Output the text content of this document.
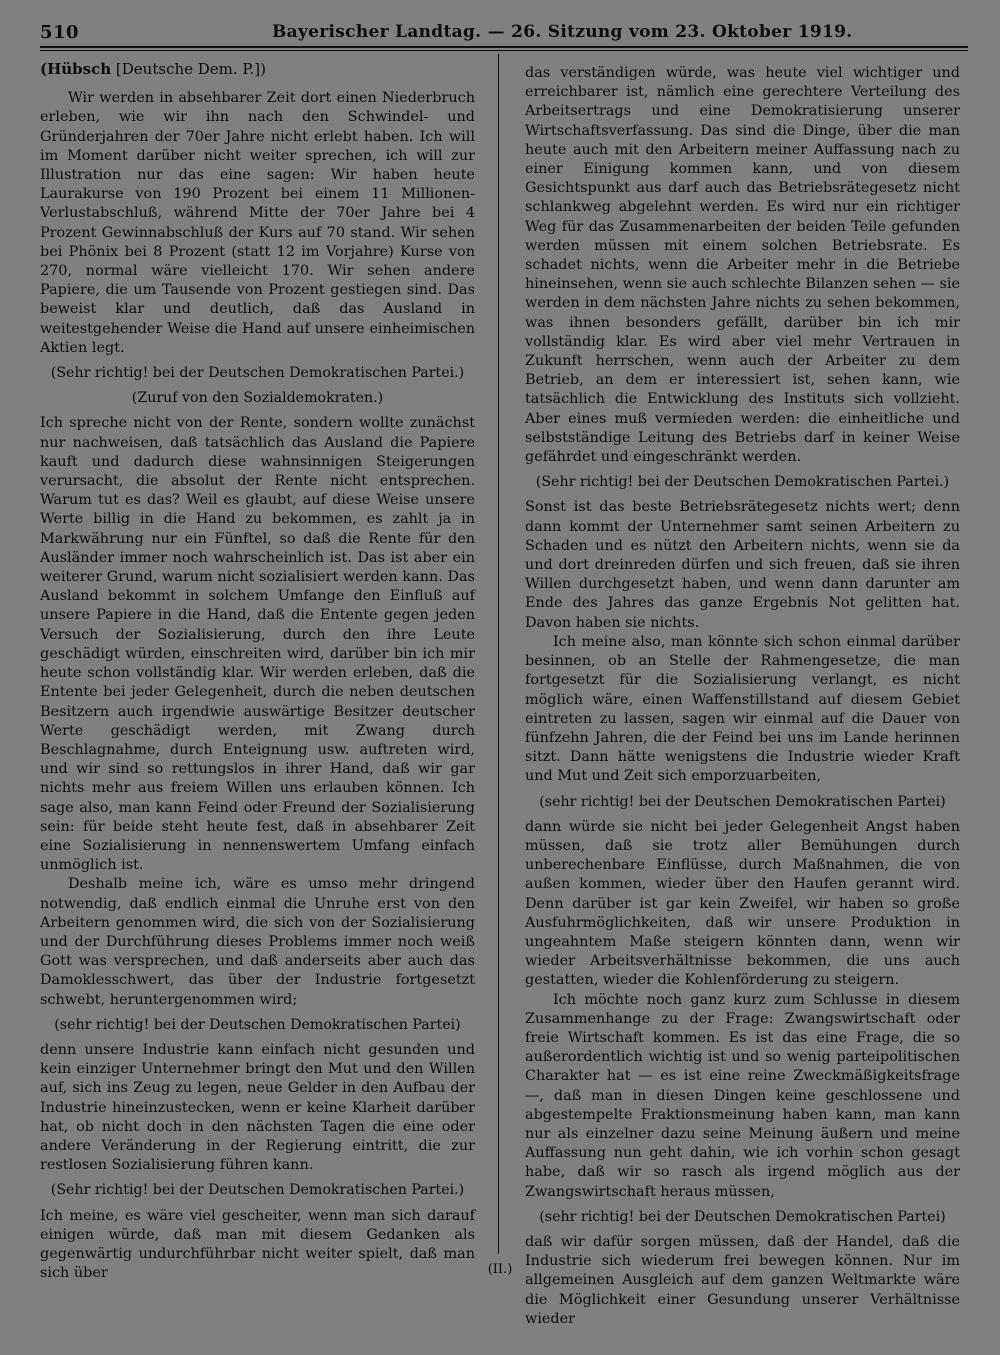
510	Bayerischer Landtag. — 26. Sitzung vom 23. Oktober 1919.
(Hübsch [Deutsche Dem. P.])

Wir werden in absehbarer Zeit dort einen Niederbruch erleben, wie wir ihn nach den Schwindel- und Gründerjahren der 70er Jahre nicht erlebt haben. Ich will im Moment darüber nicht weiter sprechen, ich will zur Illustration nur das eine sagen: Wir haben heute Laurakurse von 190 Prozent bei einem 11 Millionen-Verlustabschluß, während Mitte der 70er Jahre bei 4 Prozent Gewinnabschluß der Kurs auf 70 stand. Wir sehen bei Phönix bei 8 Prozent (statt 12 im Vorjahre) Kurse von 270, normal wäre vielleicht 170. Wir sehen andere Papiere, die um Tausende von Prozent gestiegen sind. Das beweist klar und deutlich, daß das Ausland in weitestgehender Weise die Hand auf unsere einheimischen Aktien legt.

(Sehr richtig! bei der Deutschen Demokratischen Partei.)

(Zuruf von den Sozialdemokraten.)

Ich spreche nicht von der Rente, sondern wollte zunächst nur nachweisen, daß tatsächlich das Ausland die Papiere kauft und dadurch diese wahnsinnigen Steigerungen verursacht, die absolut der Rente nicht entsprechen. Warum tut es das? Weil es glaubt, auf diese Weise unsere Werte billig in die Hand zu bekommen, es zahlt ja in Markwährung nur ein Fünftel, so daß die Rente für den Ausländer immer noch wahrscheinlich ist. Das ist aber ein weiterer Grund, warum nicht sozialisiert werden kann. Das Ausland bekommt in solchem Umfange den Einfluß auf unsere Papiere in die Hand, daß die Entente gegen jeden Versuch der Sozialisierung, durch den ihre Leute geschädigt würden, einschreiten wird, darüber bin ich mir heute schon vollständig klar. Wir werden erleben, daß die Entente bei jeder Gelegenheit, durch die neben deutschen Besitzern auch irgendwie auswärtige Besitzer deutscher Werte geschädigt werden, mit Zwang durch Beschlagnahme, durch Enteignung usw. auftreten wird, und wir sind so rettungslos in ihrer Hand, daß wir gar nichts mehr aus freiem Willen uns erlauben können. Ich sage also, man kann Feind oder Freund der Sozialisierung sein: für beide steht heute fest, daß in absehbarer Zeit eine Sozialisierung in nennenswertem Umfang einfach unmöglich ist.

Deshalb meine ich, wäre es umso mehr dringend notwendig, daß endlich einmal die Unruhe erst von den Arbeitern genommen wird, die sich von der Sozialisierung und der Durchführung dieses Problems immer noch weiß Gott was versprechen, und daß anderseits aber auch das Damoklesschwert, das über der Industrie fortgesetzt schwebt, heruntergenommen wird;

(sehr richtig! bei der Deutschen Demokratischen Partei)

denn unsere Industrie kann einfach nicht gesunden und kein einziger Unternehmer bringt den Mut und den Willen auf, sich ins Zeug zu legen, neue Gelder in den Aufbau der Industrie hineinzustecken, wenn er keine Klarheit darüber hat, ob nicht doch in den nächsten Tagen die eine oder andere Veränderung in der Regierung eintritt, die zur restlosen Sozialisierung führen kann.

(Sehr richtig! bei der Deutschen Demokratischen Partei.)

Ich meine, es wäre viel gescheiter, wenn man sich darauf einigen würde, daß man mit diesem Gedanken als gegenwärtig undurchführbar nicht weiter spielt, daß man sich über

das verständigen würde, was heute viel wichtiger und erreichbarer ist, nämlich eine gerechtere Verteilung des Arbeitsertrags und eine Demokratisierung unserer Wirtschaftsverfassung. Das sind die Dinge, über die man heute auch mit den Arbeitern meiner Auffassung nach zu einer Einigung kommen kann, und von diesem Gesichtspunkt aus darf auch das Betriebsrätegesetz nicht schlankweg abgelehnt werden. Es wird nur ein richtiger Weg für das Zusammenarbeiten der beiden Teile gefunden werden müssen mit einem solchen Betriebsrate. Es schadet nichts, wenn die Arbeiter mehr in die Betriebe hineinsehen, wenn sie auch schlechte Bilanzen sehen — sie werden in dem nächsten Jahre nichts zu sehen bekommen, was ihnen besonders gefällt, darüber bin ich mir vollständig klar. Es wird aber viel mehr Vertrauen in Zukunft herrschen, wenn auch der Arbeiter zu dem Betrieb, an dem er interessiert ist, sehen kann, wie tatsächlich die Entwicklung des Instituts sich vollzieht. Aber eines muß vermieden werden: die einheitliche und selbstständige Leitung des Betriebs darf in keiner Weise gefährdet und eingeschränkt werden.

(Sehr richtig! bei der Deutschen Demokratischen Partei.)

Sonst ist das beste Betriebsrätegesetz nichts wert; denn dann kommt der Unternehmer samt seinen Arbeitern zu Schaden und es nützt den Arbeitern nichts, wenn sie da und dort dreinreden dürfen und sich freuen, daß sie ihren Willen durchgesetzt haben, und wenn dann darunter am Ende des Jahres das ganze Ergebnis Not gelitten hat. Davon haben sie nichts.

Ich meine also, man könnte sich schon einmal darüber besinnen, ob an Stelle der Rahmengesetze, die man fortgesetzt für die Sozialisierung verlangt, es nicht möglich wäre, einen Waffenstillstand auf diesem Gebiet eintreten zu lassen, sagen wir einmal auf die Dauer von fünfzehn Jahren, die der Feind bei uns im Lande herinnen sitzt. Dann hätte wenigstens die Industrie wieder Kraft und Mut und Zeit sich emporzuarbeiten,

(sehr richtig! bei der Deutschen Demokratischen Partei)

dann würde sie nicht bei jeder Gelegenheit Angst haben müssen, daß sie trotz aller Bemühungen durch unberechenbare Einflüsse, durch Maßnahmen, die von außen kommen, wieder über den Haufen gerannt wird. Denn darüber ist gar kein Zweifel, wir haben so große Ausfuhrmöglichkeiten, daß wir unsere Produktion in ungeahntem Maße steigern könnten dann, wenn wir wieder Arbeitsverhältnisse bekommen, die uns auch gestatten, wieder die Kohlenförderung zu steigern.

Ich möchte noch ganz kurz zum Schlusse in diesem Zusammenhange zu der Frage: Zwangswirtschaft oder freie Wirtschaft kommen. Es ist das eine Frage, die so außerordentlich wichtig ist und so wenig parteipolitischen Charakter hat — es ist eine reine Zweckmäßigkeitsfrage —, daß man in diesen Dingen keine geschlossene und abgestempelte Fraktionsmeinung haben kann, man kann nur als einzelner dazu seine Meinung äußern und meine Auffassung nun geht dahin, wie ich vorhin schon gesagt habe, daß wir so rasch als irgend möglich aus der Zwangswirtschaft heraus müssen,

(sehr richtig! bei der Deutschen Demokratischen Partei)

daß wir dafür sorgen müssen, daß der Handel, daß die Industrie sich wiederum frei bewegen können. Nur im allgemeinen Ausgleich auf dem ganzen Weltmarkte wäre die Möglichkeit einer Gesundung unserer Verhältnisse wieder

(II.)
